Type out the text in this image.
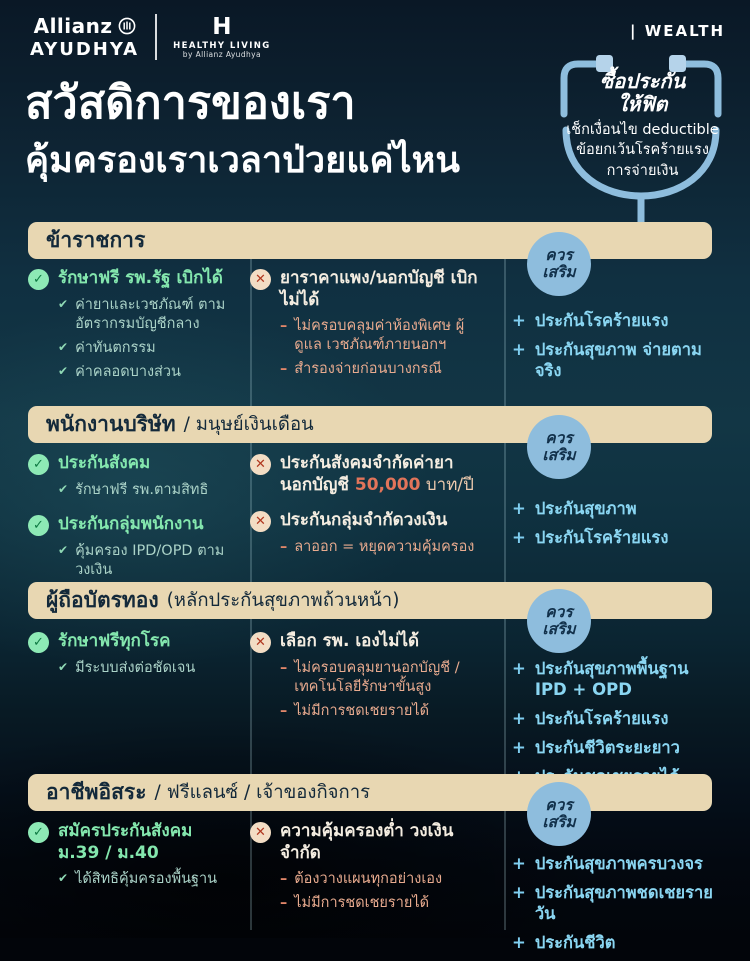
Allianz
AYUDHYA
H
HEALTHY LIVING
by Allianz Ayudhya
| WEALTH
สวัสดิการของเรา
คุ้มครองเราเวลาป่วยแค่ไหน
ซื้อประกัน
ให้ฟิต
เช็กเงื่อนไข deductible
ข้อยกเว้นโรคร้ายแรง
การจ่ายเงิน
ข้าราชการ
ควร
เสริม
✓ รักษาฟรี รพ.รัฐ เบิกได้
✔ ค่ายาและเวชภัณฑ์ ตามอัตรากรมบัญชีกลาง
✔ ค่าทันตกรรม
✔ ค่าคลอดบางส่วน
✕ ยาราคาแพง/นอกบัญชี เบิกไม่ได้
– ไม่ครอบคลุมค่าห้องพิเศษ ผู้ดูแล เวชภัณฑ์ภายนอกฯ
– สำรองจ่ายก่อนบางกรณี
+ ประกันโรคร้ายแรง
+ ประกันสุขภาพ จ่ายตามจริง
พนักงานบริษัท / มนุษย์เงินเดือน
ควร
เสริม
✓ ประกันสังคม
✔ รักษาฟรี รพ.ตามสิทธิ
✓ ประกันกลุ่มพนักงาน
✔ คุ้มครอง IPD/OPD ตามวงเงิน
✕ ประกันสังคมจำกัดค่ายา นอกบัญชี 50,000 บาท/ปี
✕ ประกันกลุ่มจำกัดวงเงิน
– ลาออก = หยุดความคุ้มครอง
+ ประกันสุขภาพ
+ ประกันโรคร้ายแรง
ผู้ถือบัตรทอง (หลักประกันสุขภาพถ้วนหน้า)
ควร
เสริม
✓ รักษาฟรีทุกโรค
✔ มีระบบส่งต่อชัดเจน
✕ เลือก รพ. เองไม่ได้
– ไม่ครอบคลุมยานอกบัญชี /เทคโนโลยีรักษาขั้นสูง
– ไม่มีการชดเชยรายได้
+ ประกันสุขภาพพื้นฐาน IPD + OPD
+ ประกันโรคร้ายแรง
+ ประกันชีวิตระยะยาว
อาชีพอิสระ / ฟรีแลนซ์ / เจ้าของกิจการ
ควร
เสริม
✓ สมัครประกันสังคม ม.39 / ม.40
✔ ได้สิทธิคุ้มครองพื้นฐาน
✕ ความคุ้มครองต่ำ วงเงินจำกัด
– ต้องวางแผนทุกอย่างเอง
– ไม่มีการชดเชยรายได้
+ ประกันสุขภาพครบวงจร
+ ประกันสุขภาพชดเชยรายวัน
+ ประกันชีวิต
